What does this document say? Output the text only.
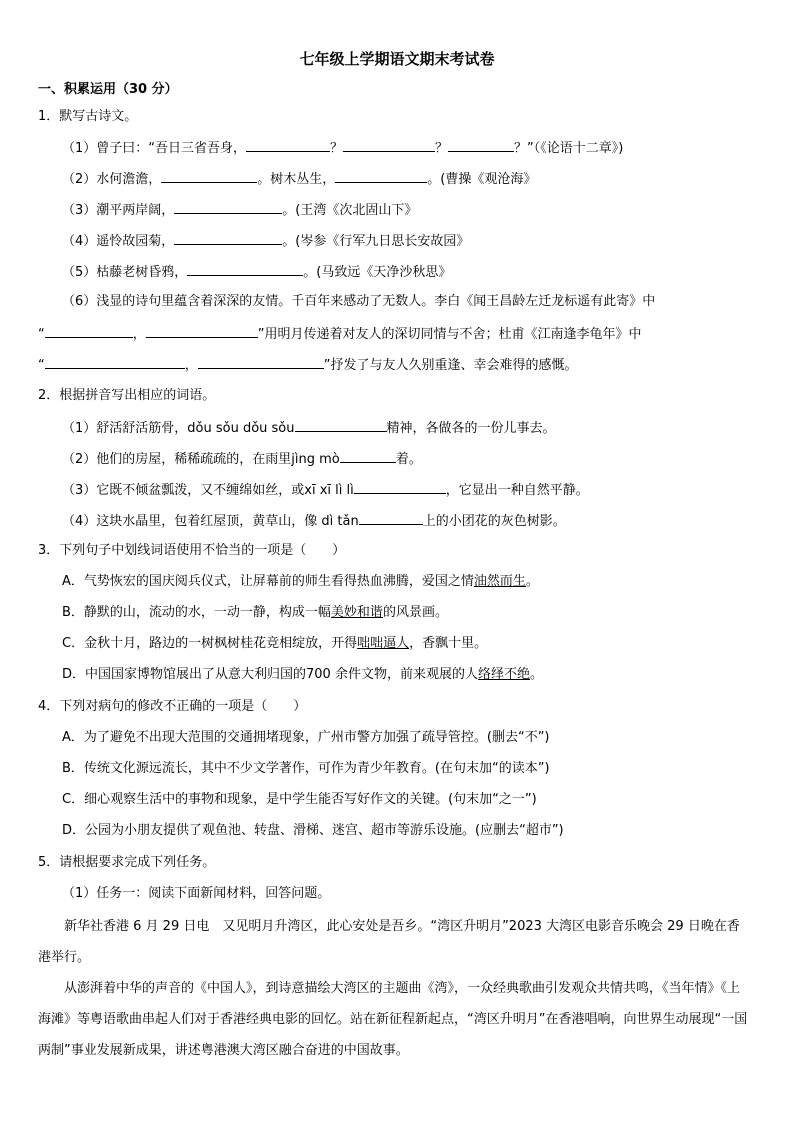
七年级上学期语文期末考试卷
一、积累运用（30 分）
1．默写古诗文。
（1）曾子曰：“吾日三省吾身，	？	？	？”（《论语十二章》)
（2）水何澹澹，	。树木丛生，	。(曹操《观沧海》
（3）潮平两岸阔，	。(王湾《次北固山下》
（4）遥怜故园菊，	。(岑参《行军九日思长安故园》
（5）枯藤老树昏鸦，	。(马致远《天净沙秋思》
（6）浅显的诗句里蕴含着深深的友情。千百年来感动了无数人。李白《闻王昌龄左迁龙标遥有此寄》中
“	，	”用明月传递着对友人的深切同情与不舍；杜甫《江南逢李龟年》中
“	，	”抒发了与友人久别重逢、幸会难得的感慨。
2．根据拼音写出相应的词语。
（1）舒活舒活筋骨，dǒu sǒu dǒu sǒu	精神，各做各的一份儿事去。
（2）他们的房屋，稀稀疏疏的，在雨里jìng mò	着。
（3）它既不倾盆瓢泼，又不缠绵如丝，或xī xī lì lì	，它显出一种自然平静。
（4）这块水晶里，包着红屋顶，黄草山，像 dì tǎn	上的小团花的灰色树影。
3．下列句子中划线词语使用不恰当的一项是（　　）
A．气势恢宏的国庆阅兵仪式，让屏幕前的师生看得热血沸腾，爱国之情油然而生。
B．静默的山，流动的水，一动一静，构成一幅美妙和谐的风景画。
C．金秋十月，路边的一树枫树桂花竞相绽放，开得咄咄逼人，香飘十里。
D．中国国家博物馆展出了从意大利归国的700 余件文物，前来观展的人络绎不绝。
4．下列对病句的修改不正确的一项是（　　）
A．为了避免不出现大范围的交通拥堵现象，广州市警方加强了疏导管控。(删去“不”)
B．传统文化源远流长，其中不少文学著作，可作为青少年教育。(在句末加“的读本”)
C．细心观察生活中的事物和现象，是中学生能否写好作文的关键。(句末加“之一”)
D．公园为小朋友提供了观鱼池、转盘、滑梯、迷宫、超市等游乐设施。(应删去“超市”)
5．请根据要求完成下列任务。
（1）任务一：阅读下面新闻材料，回答问题。
新华社香港 6 月 29 日电　又见明月升湾区，此心安处是吾乡。“湾区升明月”2023 大湾区电影音乐晚会 29 日晚在香港举行。
从澎湃着中华的声音的《中国人》，到诗意描绘大湾区的主题曲《湾》，一众经典歌曲引发观众共情共鸣，《当年情》《上海滩》等粤语歌曲串起人们对于香港经典电影的回忆。站在新征程新起点，“湾区升明月”在香港唱响，向世界生动展现“一国两制”事业发展新成果，讲述粤港澳大湾区融合奋进的中国故事。
